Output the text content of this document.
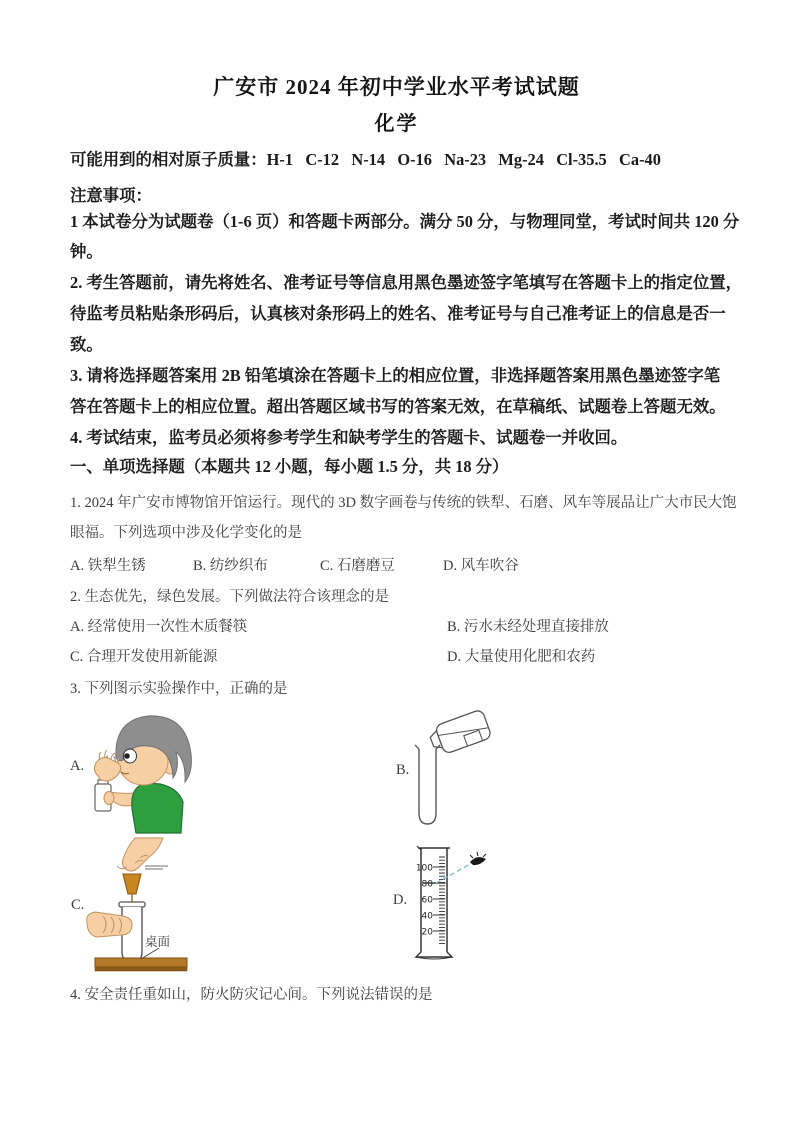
广安市 2024 年初中学业水平考试试题
化学
可能用到的相对原子质量：H-1   C-12   N-14   O-16   Na-23   Mg-24   Cl-35.5   Ca-40
注意事项：
1 本试卷分为试题卷（1-6 页）和答题卡两部分。满分 50 分，与物理同堂，考试时间共 120 分
钟。
2. 考生答题前，请先将姓名、准考证号等信息用黑色墨迹签字笔填写在答题卡上的指定位置，
待监考员粘贴条形码后，认真核对条形码上的姓名、准考证号与自己准考证上的信息是否一
致。
3. 请将选择题答案用 2B 铅笔填涂在答题卡上的相应位置，非选择题答案用黑色墨迹签字笔
答在答题卡上的相应位置。超出答题区域书写的答案无效，在草稿纸、试题卷上答题无效。
4. 考试结束，监考员必须将参考学生和缺考学生的答题卡、试题卷一并收回。
一、单项选择题（本题共 12 小题，每小题 1.5 分，共 18 分）
1. 2024 年广安市博物馆开馆运行。现代的 3D 数字画卷与传统的铁犁、石磨、风车等展品让广大市民大饱
眼福。下列选项中涉及化学变化的是
A. 铁犁生锈	B. 纺纱织布	C. 石磨磨豆	D. 风车吹谷
2. 生态优先，绿色发展。下列做法符合该理念的是
A. 经常使用一次性木质餐筷	B. 污水未经处理直接排放
C. 合理开发使用新能源	D. 大量使用化肥和农药
3. 下列图示实验操作中，正确的是
A.	B.
C.	D.
桌面
100
80
60
40
20
4. 安全责任重如山，防火防灾记心间。下列说法错误的是
